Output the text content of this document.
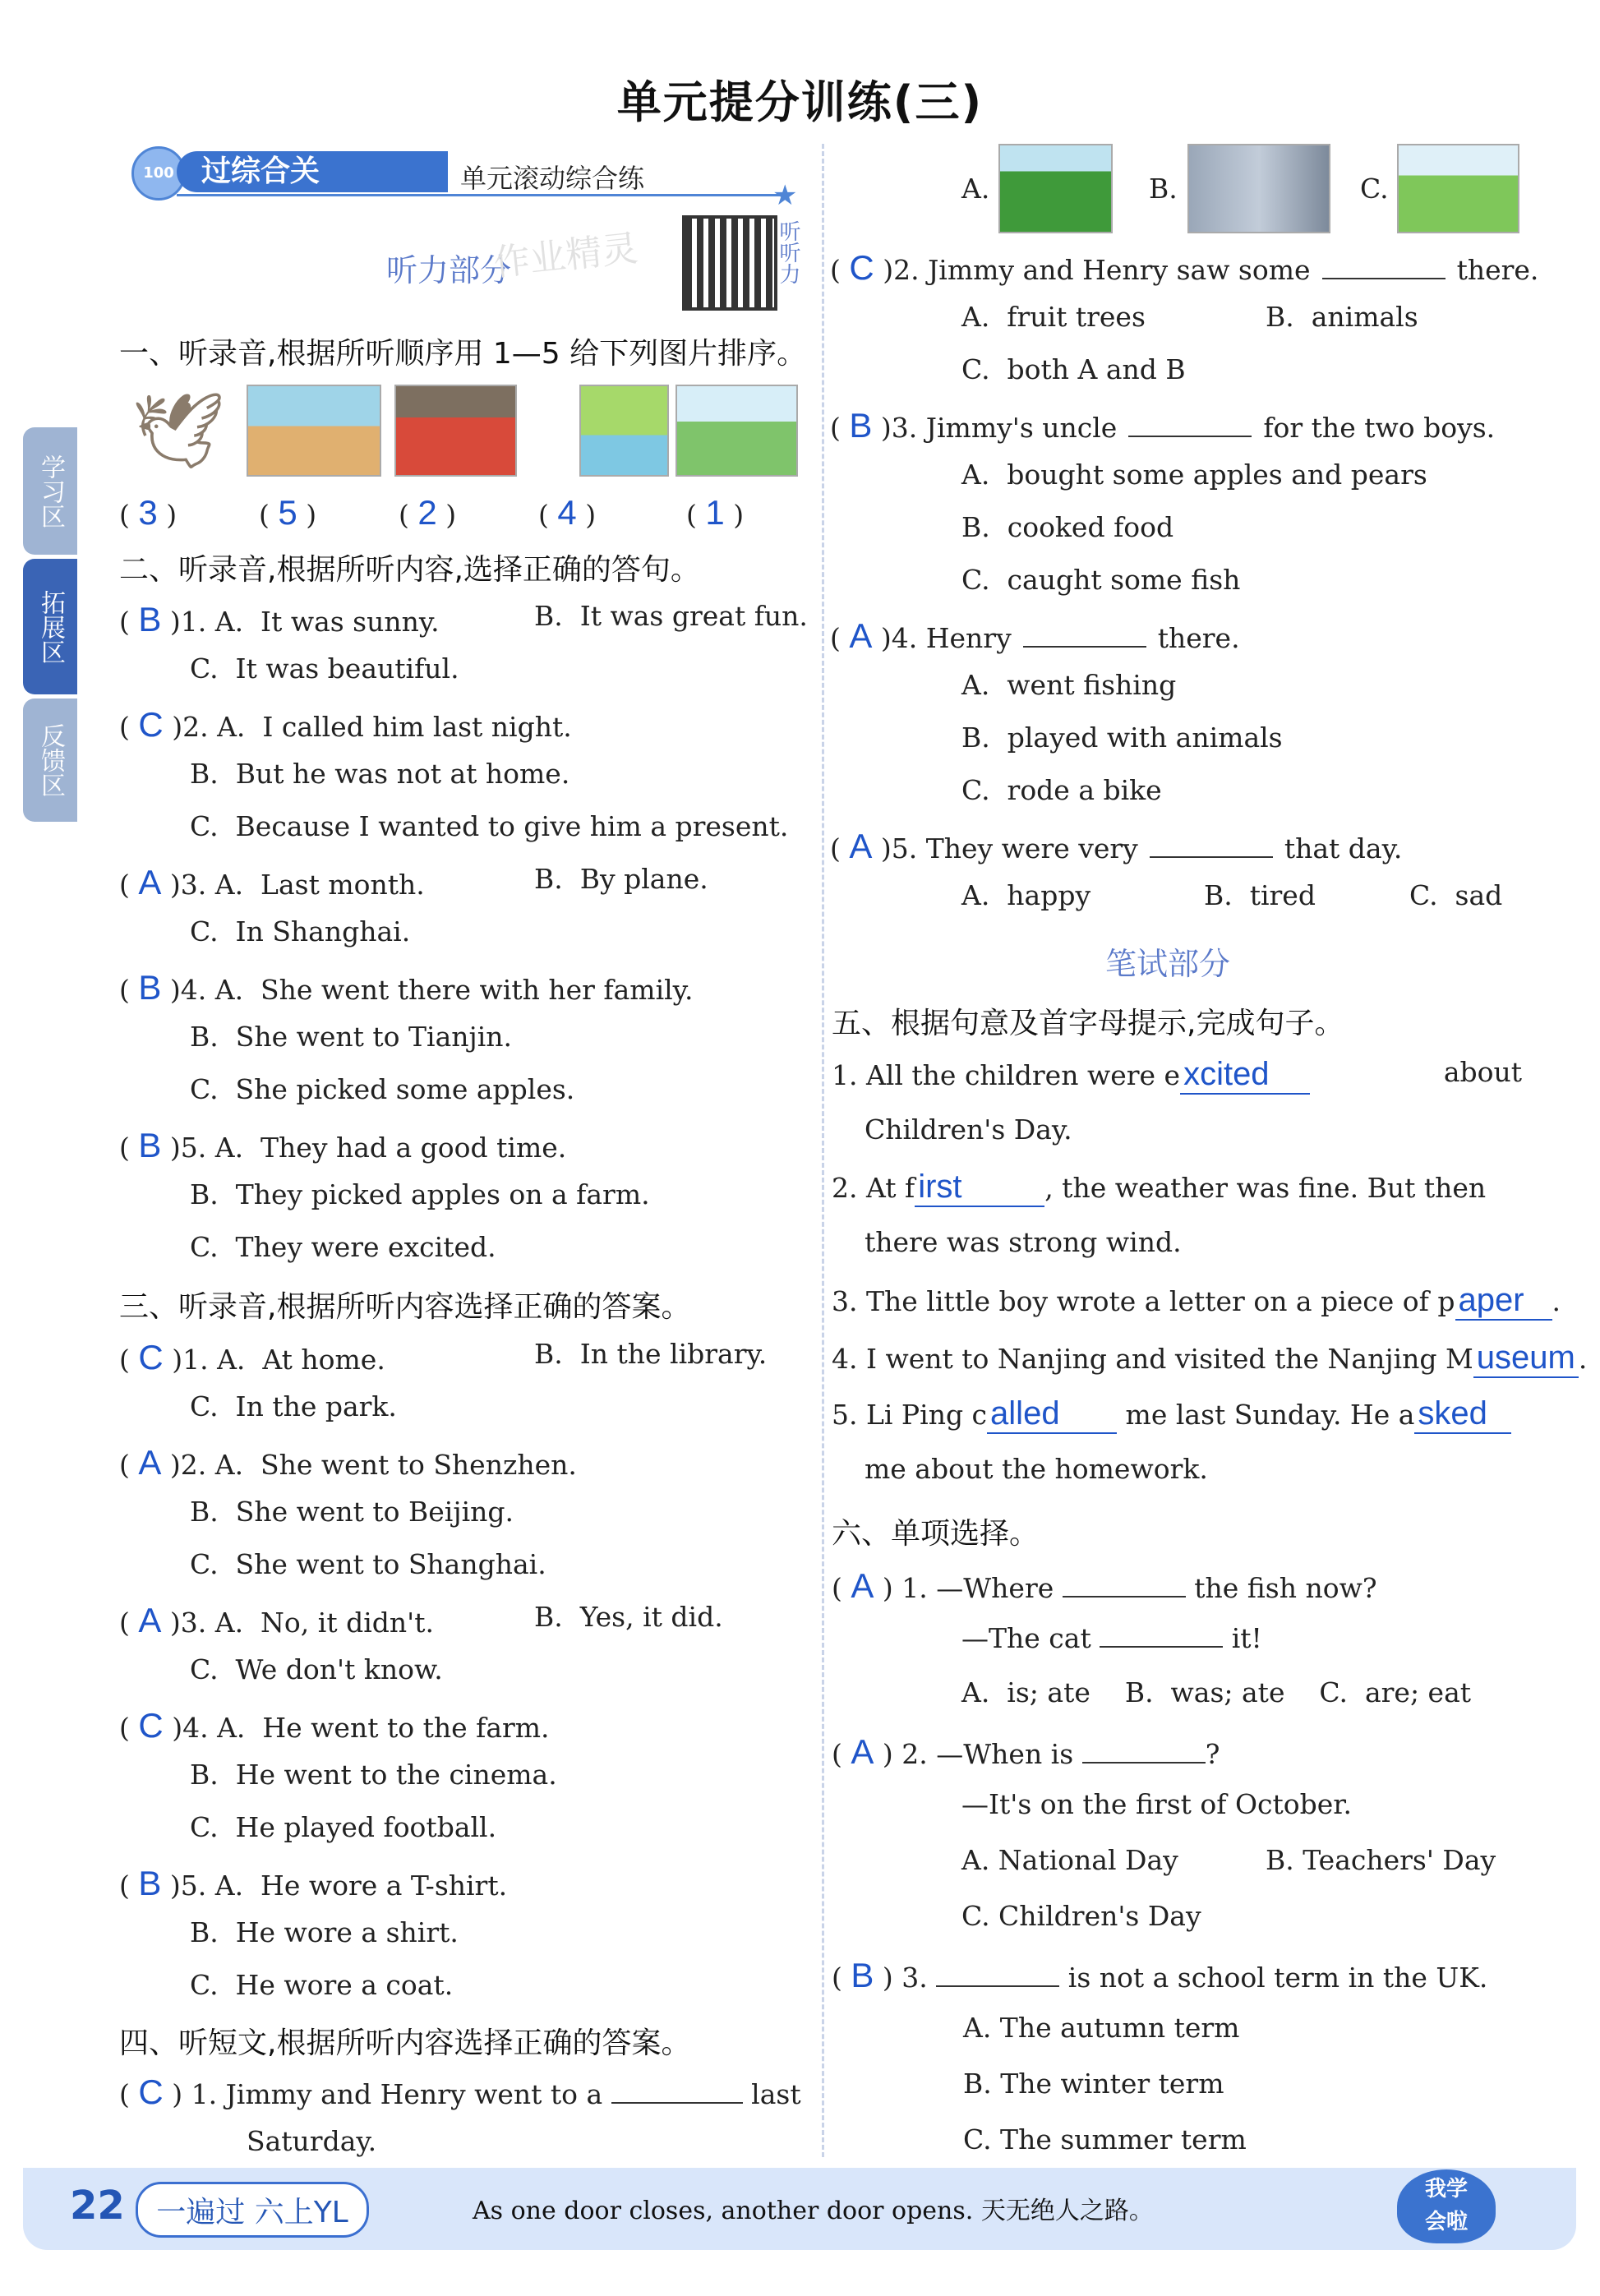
单元提分训练(三)
100 过综合关	单元滚动综合练
★
听力部分
作业精灵	听听力
学习区
拓展区
反馈区
一、听录音,根据所听顺序用 1—5 给下列图片排序。
🕊
( 3 )	( 5 )	( 2 )	( 4 )	( 1 )
二、听录音,根据所听内容,选择正确的答句。
( B )1. A.  It was sunny.	B.  It was great fun.
C.  It was beautiful.
( C )2. A.  I called him last night.
B.  But he was not at home.
C.  Because I wanted to give him a present.
( A )3. A.  Last month.	B.  By plane.
C.  In Shanghai.
( B )4. A.  She went there with her family.
B.  She went to Tianjin.
C.  She picked some apples.
( B )5. A.  They had a good time.
B.  They picked apples on a farm.
C.  They were excited.
三、听录音,根据所听内容选择正确的答案。
( C )1. A.  At home.	B.  In the library.
C.  In the park.
( A )2. A.  She went to Shenzhen.
B.  She went to Beijing.
C.  She went to Shanghai.
( A )3. A.  No, it didn't.	B.  Yes, it did.
C.  We don't know.
( C )4. A.  He went to the farm.
B.  He went to the cinema.
C.  He played football.
( B )5. A.  He wore a T-shirt.
B.  He wore a shirt.
C.  He wore a coat.
四、听短文,根据所听内容选择正确的答案。
( C ) 1. Jimmy and Henry went to a	last
Saturday.
A.	B.	C.
( C )2. Jimmy and Henry saw some	there.
A.  fruit trees	B.  animals
C.  both A and B
( B )3. Jimmy's uncle	for the two boys.
A.  bought some apples and pears
B.  cooked food
C.  caught some fish
( A )4. Henry	there.
A.  went fishing
B.  played with animals
C.  rode a bike
( A )5. They were very	that day.
A.  happy	B.  tired	C.  sad
笔试部分
五、根据句意及首字母提示,完成句子。
1. All the children were e xcited	about
Children's Day.
2. At f irst	, the weather was fine. But then
there was strong wind.
3. The little boy wrote a letter on a piece of p aper .
4. I went to Nanjing and visited the Nanjing M useum .
5. Li Ping c alled me last Sunday. He a sked
me about the homework.
六、单项选择。
( A ) 1. —Where	the fish now?
—The cat	it!
A.  is; ate    B.  was; ate    C.  are; eat
( A ) 2. —When is	?
—It's on the first of October.
A. National Day	B. Teachers' Day
C. Children's Day
( B ) 3.	is not a school term in the UK.
A. The autumn term
B. The winter term
C. The summer term
22	一遍过 六上YL	As one door closes, another door opens. 天无绝人之路。
我学会啦
